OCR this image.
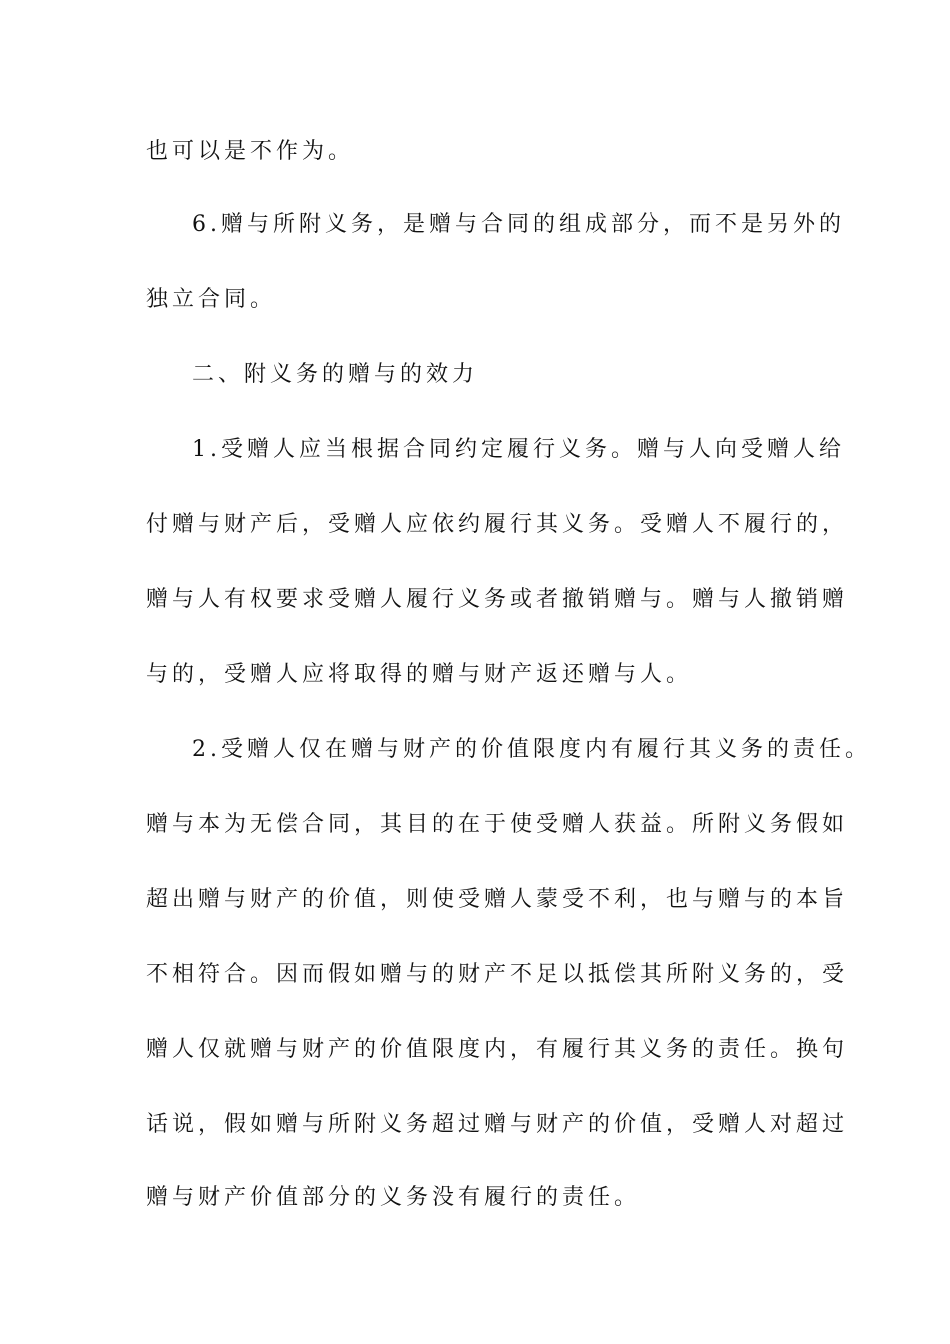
也可以是不作为。
6.赠与所附义务，是赠与合同的组成部分，而不是另外的
独立合同。
二、附义务的赠与的效力
1.受赠人应当根据合同约定履行义务。赠与人向受赠人给
付赠与财产后，受赠人应依约履行其义务。受赠人不履行的，
赠与人有权要求受赠人履行义务或者撤销赠与。赠与人撤销赠
与的，受赠人应将取得的赠与财产返还赠与人。
2.受赠人仅在赠与财产的价值限度内有履行其义务的责任。
赠与本为无偿合同，其目的在于使受赠人获益。所附义务假如
超出赠与财产的价值，则使受赠人蒙受不利，也与赠与的本旨
不相符合。因而假如赠与的财产不足以抵偿其所附义务的，受
赠人仅就赠与财产的价值限度内，有履行其义务的责任。换句
话说，假如赠与所附义务超过赠与财产的价值，受赠人对超过
赠与财产价值部分的义务没有履行的责任。
